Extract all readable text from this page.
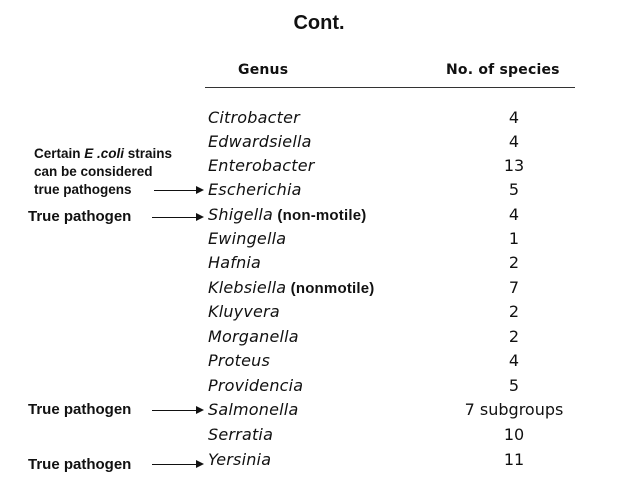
Cont.
Genus	No. of species
Citrobacter	4
Edwardsiella	4
Enterobacter	13
Escherichia	5
Shigella (non-motile)	4
Ewingella	1
Hafnia	2
Klebsiella (nonmotile)	7
Kluyvera	2
Morganella	2
Proteus	4
Providencia	5
Salmonella	7 subgroups
Serratia	10
Yersinia	11
Certain E .coli strains
can be considered
true pathogens
True pathogen
True pathogen
True pathogen
